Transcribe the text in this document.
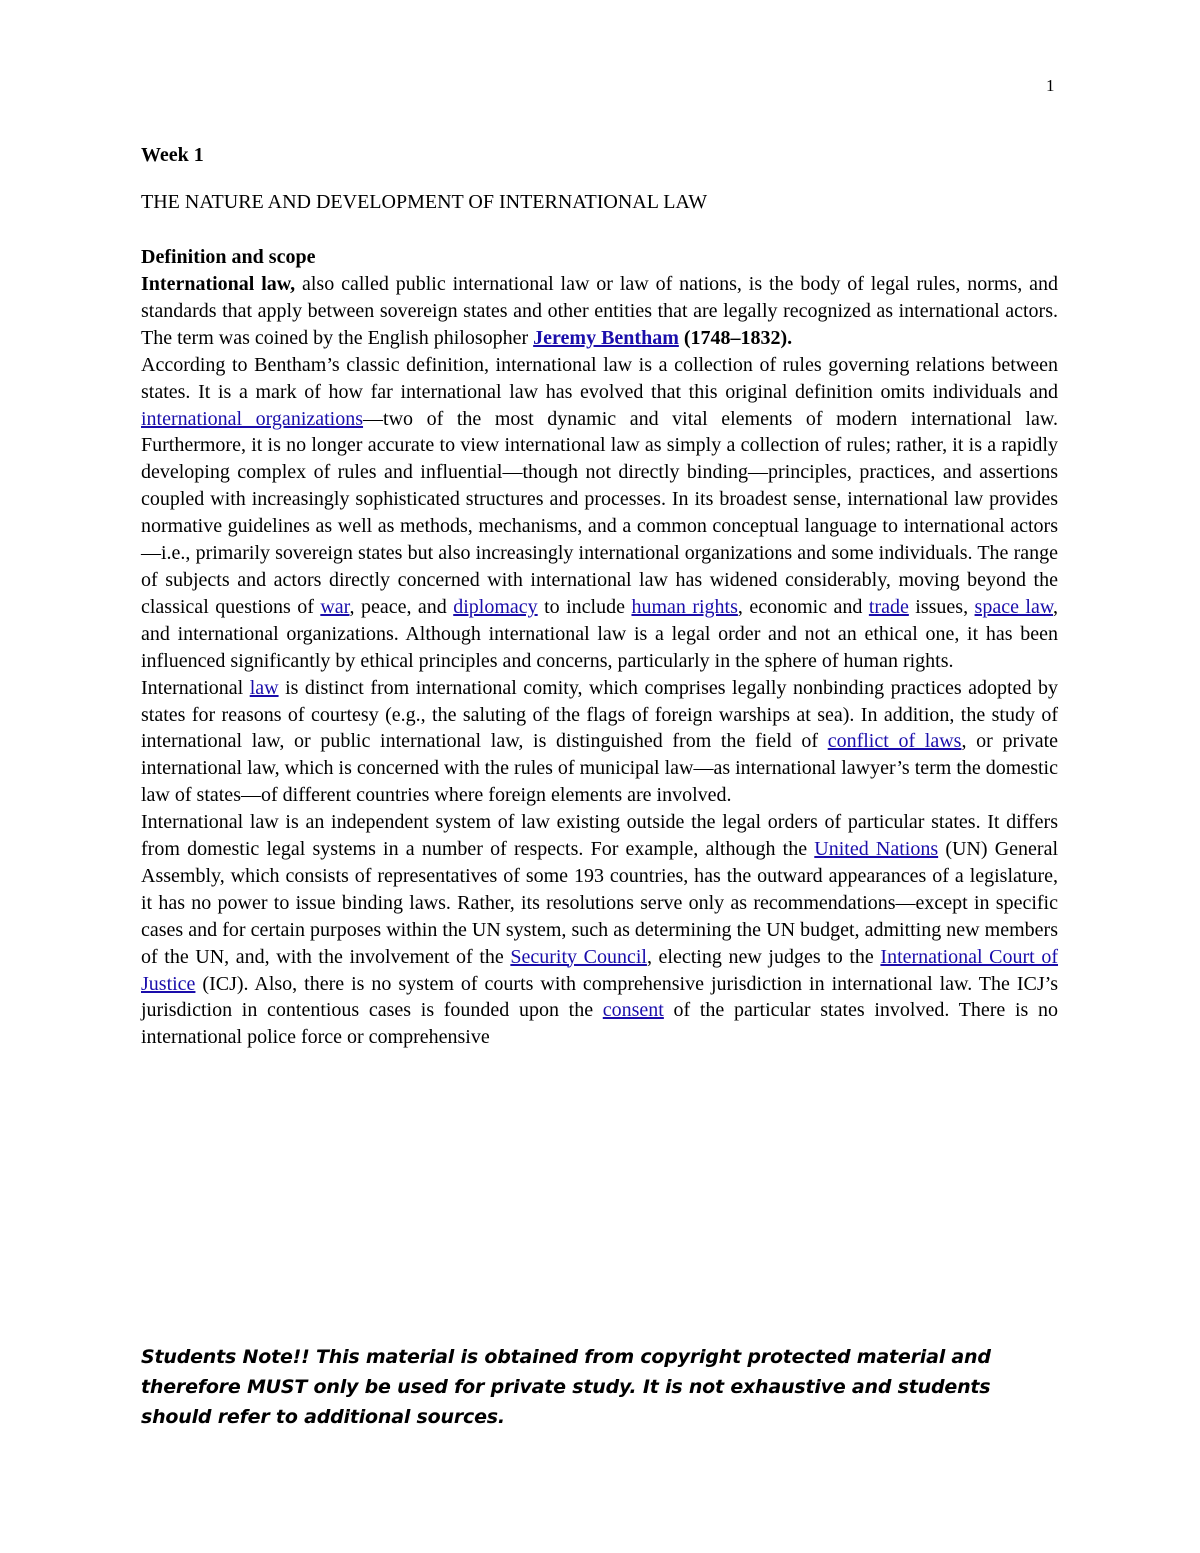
1
Week 1
THE NATURE AND DEVELOPMENT OF INTERNATIONAL LAW
Definition and scope

International law, also called public international law or law of nations, is the body of legal rules, norms, and standards that apply between sovereign states and other entities that are legally recognized as international actors. The term was coined by the English philosopher Jeremy Bentham (1748–1832).

According to Bentham’s classic definition, international law is a collection of rules governing relations between states. It is a mark of how far international law has evolved that this original definition omits individuals and international organizations—two of the most dynamic and vital elements of modern international law. Furthermore, it is no longer accurate to view international law as simply a collection of rules; rather, it is a rapidly developing complex of rules and influential—though not directly binding—principles, practices, and assertions coupled with increasingly sophisticated structures and processes. In its broadest sense, international law provides normative guidelines as well as methods, mechanisms, and a common conceptual language to international actors—i.e., primarily sovereign states but also increasingly international organizations and some individuals. The range of subjects and actors directly concerned with international law has widened considerably, moving beyond the classical questions of war, peace, and diplomacy to include human rights, economic and trade issues, space law, and international organizations. Although international law is a legal order and not an ethical one, it has been influenced significantly by ethical principles and concerns, particularly in the sphere of human rights.

International law is distinct from international comity, which comprises legally nonbinding practices adopted by states for reasons of courtesy (e.g., the saluting of the flags of foreign warships at sea). In addition, the study of international law, or public international law, is distinguished from the field of conflict of laws, or private international law, which is concerned with the rules of municipal law—as international lawyer’s term the domestic law of states—of different countries where foreign elements are involved.

International law is an independent system of law existing outside the legal orders of particular states. It differs from domestic legal systems in a number of respects. For example, although the United Nations (UN) General Assembly, which consists of representatives of some 193 countries, has the outward appearances of a legislature, it has no power to issue binding laws. Rather, its resolutions serve only as recommendations—except in specific cases and for certain purposes within the UN system, such as determining the UN budget, admitting new members of the UN, and, with the involvement of the Security Council, electing new judges to the International Court of Justice (ICJ). Also, there is no system of courts with comprehensive jurisdiction in international law. The ICJ’s jurisdiction in contentious cases is founded upon the consent of the particular states involved. There is no international police force or comprehensive

Students Note!! This material is obtained from copyright protected material and therefore MUST only be used for private study. It is not exhaustive and students should refer to additional sources.
